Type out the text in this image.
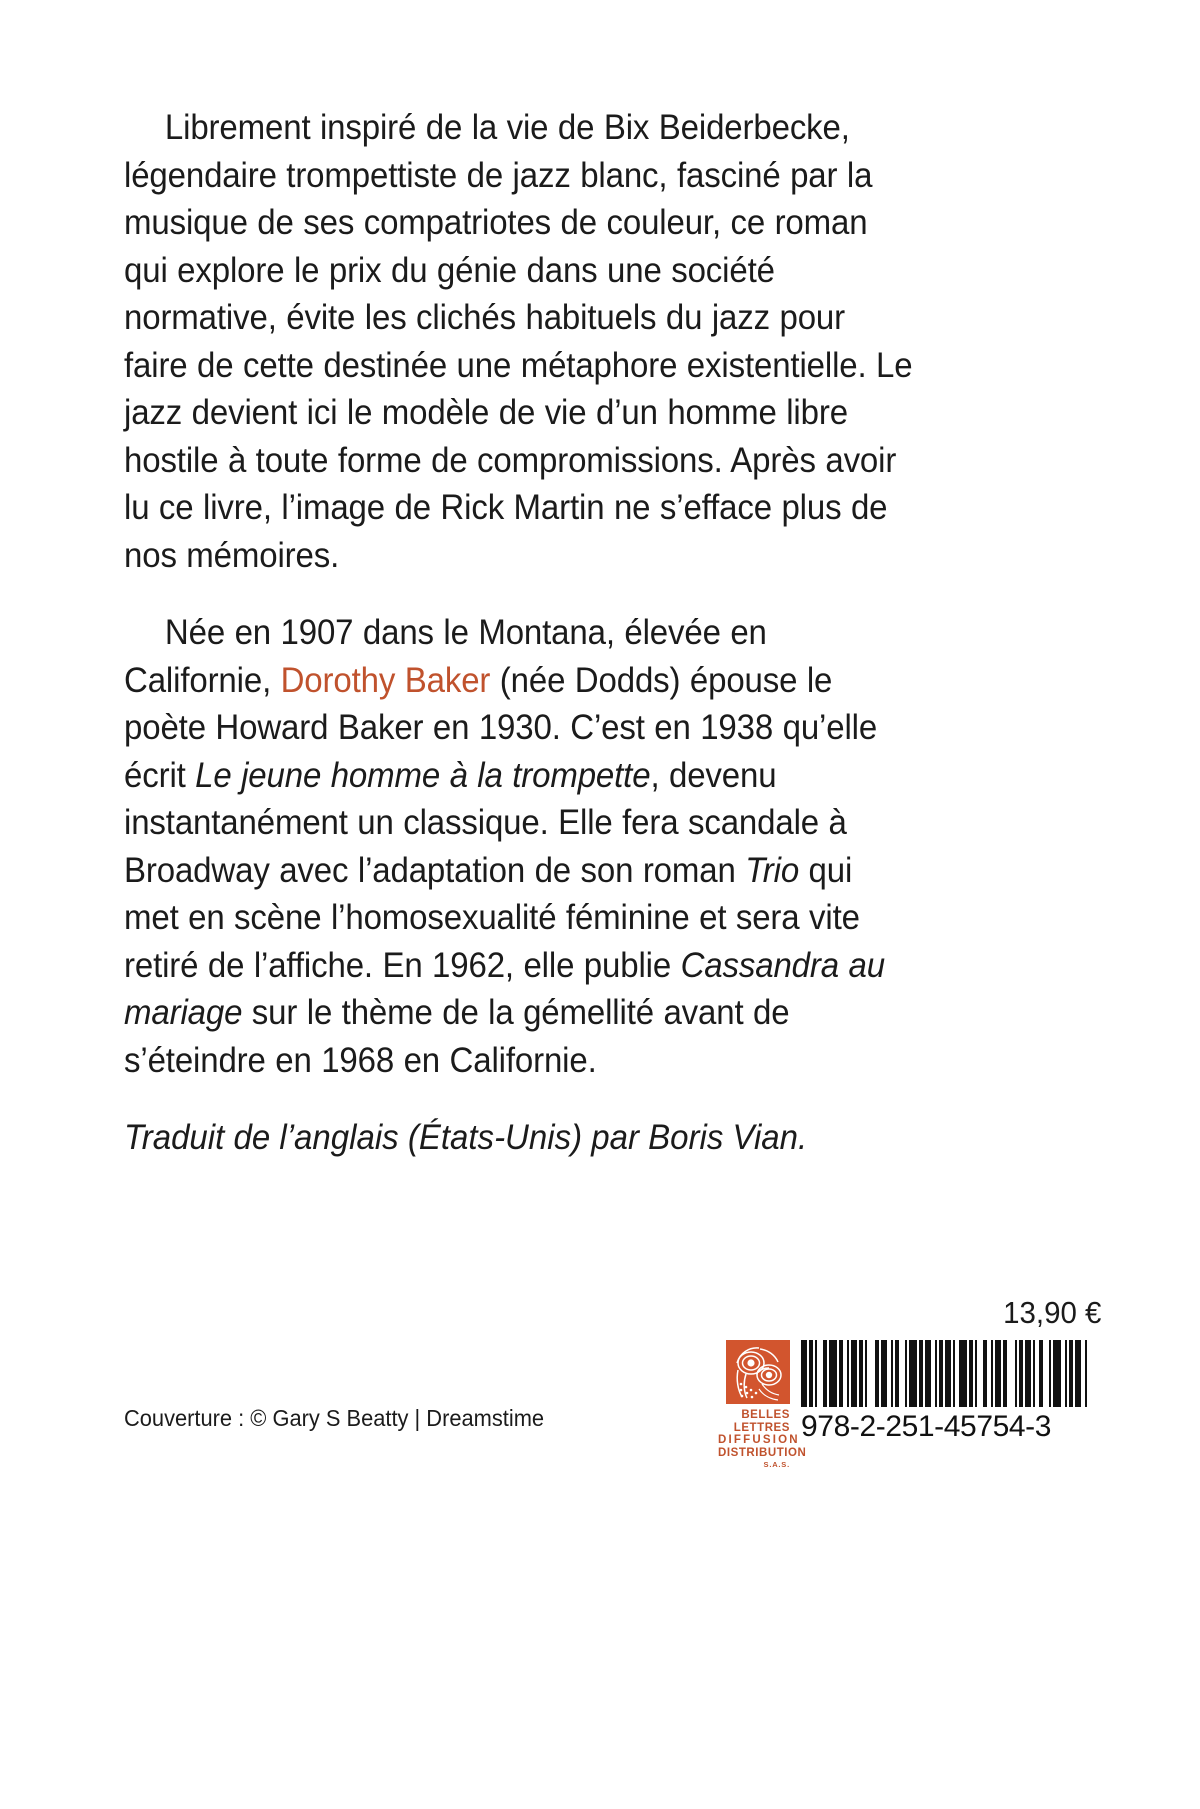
Librement inspiré de la vie de Bix Beiderbecke, légendaire trompettiste de jazz blanc, fasciné par la musique de ses compatriotes de couleur, ce roman qui explore le prix du génie dans une société normative, évite les clichés habituels du jazz pour faire de cette destinée une métaphore existentielle. Le jazz devient ici le modèle de vie d’un homme libre hostile à toute forme de compromissions. Après avoir lu ce livre, l’image de Rick Martin ne s’efface plus de nos mémoires.

Née en 1907 dans le Montana, élevée en Californie, Dorothy Baker (née Dodds) épouse le poète Howard Baker en 1930. C’est en 1938 qu’elle écrit Le jeune homme à la trompette, devenu instantanément un classique. Elle fera scandale à Broadway avec l’adaptation de son roman Trio qui met en scène l’homosexualité féminine et sera vite retiré de l’affiche. En 1962, elle publie Cassandra au mariage sur le thème de la gémellité avant de s’éteindre en 1968 en Californie.

Traduit de l’anglais (États-Unis) par Boris Vian.

13,90 €
Couverture : © Gary S Beatty | Dreamstime	BELLES LETTRES
DIFFUSION
DISTRIBUTION
S.A.S.
978-2-251-45754-3
